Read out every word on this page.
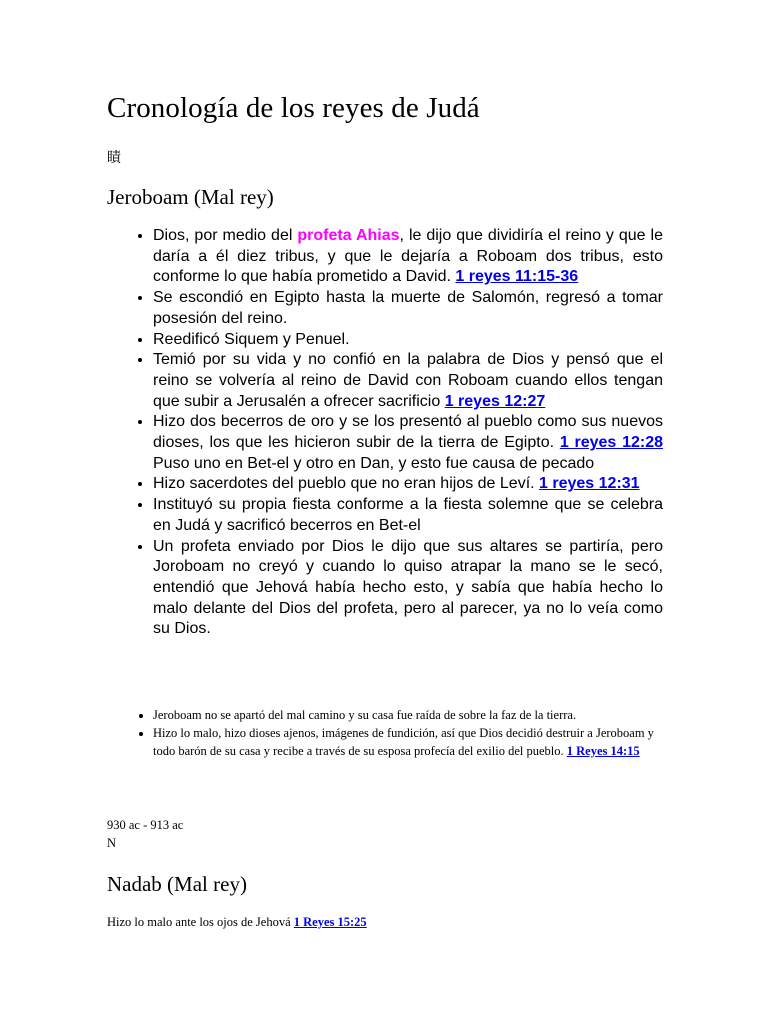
Cronología de los reyes de Judá
瞔
Jeroboam (Mal rey)
• Dios, por medio del profeta Ahias, le dijo que dividiría el reino y que le daría a él diez tribus, y que le dejaría a Roboam dos tribus, esto conforme lo que había prometido a David. 1 reyes 11:15-36
• Se escondió en Egipto hasta la muerte de Salomón, regresó a tomar posesión del reino.
• Reedificó Siquem y Penuel.
• Temió por su vida y no confió en la palabra de Dios y pensó que el reino se volvería al reino de David con Roboam cuando ellos tengan que subir a Jerusalén a ofrecer sacrificio 1 reyes 12:27
• Hizo dos becerros de oro y se los presentó al pueblo como sus nuevos dioses, los que les hicieron subir de la tierra de Egipto. 1 reyes 12:28 Puso uno en Bet-el y otro en Dan, y esto fue causa de pecado
• Hizo sacerdotes del pueblo que no eran hijos de Leví. 1 reyes 12:31
• Instituyó su propia fiesta conforme a la fiesta solemne que se celebra en Judá y sacrificó becerros en Bet-el
• Un profeta enviado por Dios le dijo que sus altares se partiría, pero Joroboam no creyó y cuando lo quiso atrapar la mano se le secó, entendió que Jehová había hecho esto, y sabía que había hecho lo malo delante del Dios del profeta, pero al parecer, ya no lo veía como su Dios.
• Jeroboam no se apartó del mal camino y su casa fue raída de sobre la faz de la tierra.
• Hizo lo malo, hizo dioses ajenos, imágenes de fundición, así que Dios decidió destruir a Jeroboam y todo barón de su casa y recibe a través de su esposa profecía del exilio del pueblo. 1 Reyes 14:15
930 ac - 913 ac
N
Nadab (Mal rey)

Hizo lo malo ante los ojos de Jehová 1 Reyes 15:25
